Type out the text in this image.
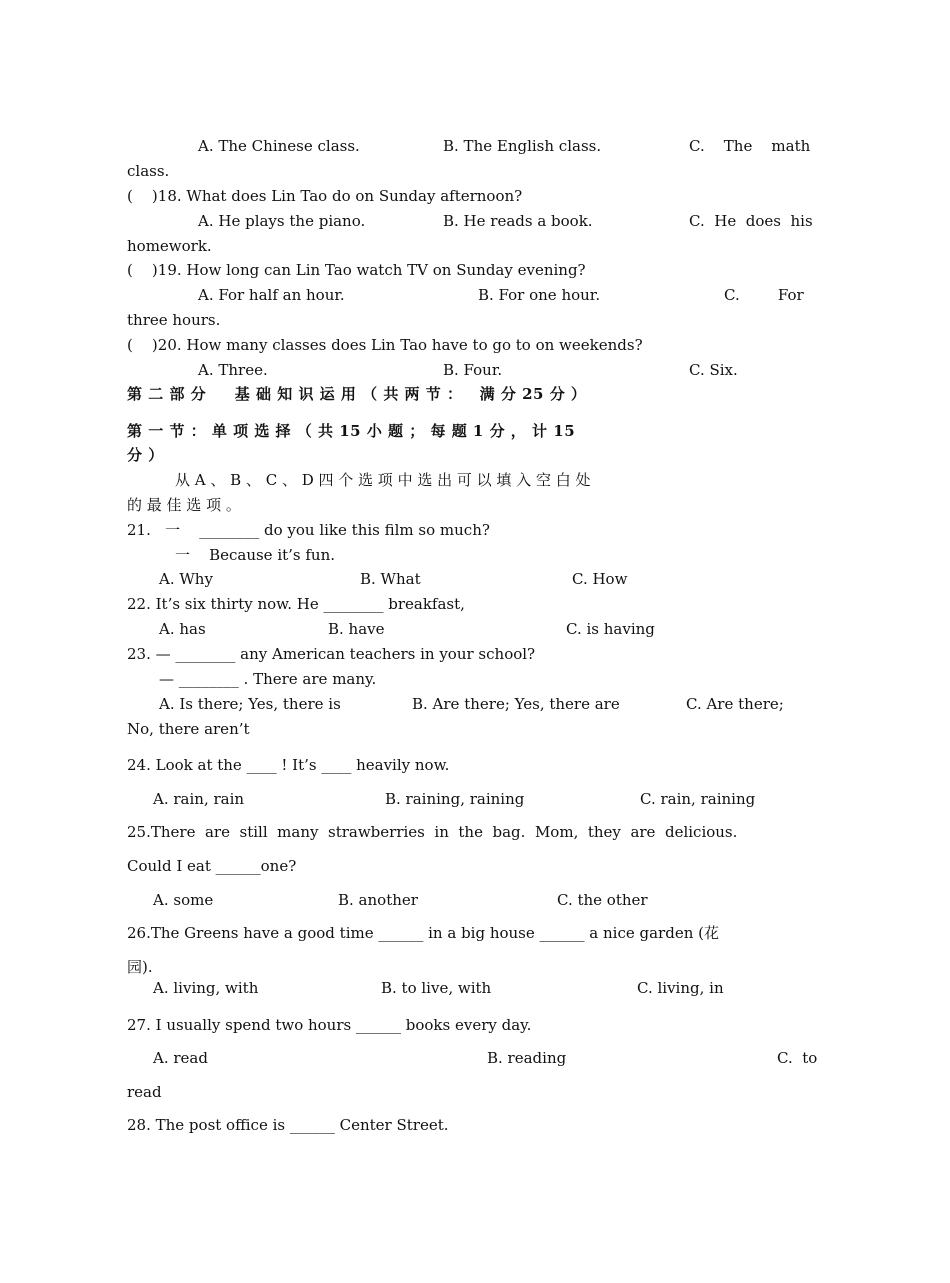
A. The Chinese class.	B. The English class.	C.    The    math
class.
(    )18. What does Lin Tao do on Sunday afternoon?
A. He plays the piano.	B. He reads a book.	C.  He  does  his
homework.
(    )19. How long can Lin Tao watch TV on Sunday evening?
A. For half an hour.	B. For one hour.	C.        For
three hours.
(    )20. How many classes does Lin Tao have to go to on weekends?
A. Three.	B. Four.	C. Six.
第 二 部 分     基 础 知 识 运 用 （ 共 两 节 ：   满 分 25 分 ）
第 一 节 ： 单 项 选 择 （ 共 15 小 题 ； 每 题 1 分 ， 计 15
分 ）
从 A 、 B 、 C 、 D 四 个 选 项 中 选 出 可 以 填 入 空 白 处
的 最 佳 选 项 。
21.   一    ________ do you like this film so much?
一    Because it’s fun.
A. Why	B. What	C. How
22. It’s six thirty now. He ________ breakfast,
A. has	B. have	C. is having
23. — ________ any American teachers in your school?
— ________ . There are many.
A. Is there; Yes, there is	B. Are there; Yes, there are	C. Are there;
No, there aren’t
24. Look at the ____ ! It’s ____ heavily now.
A. rain, rain	B. raining, raining	C. rain, raining
25.There  are  still  many  strawberries  in  the  bag.  Mom,  they  are  delicious.
Could I eat ______one?
A. some	B. another	C. the other
26.The Greens have a good time ______ in a big house ______ a nice garden (花
园).
A. living, with	B. to live, with	C. living, in
27. I usually spend two hours ______ books every day.
A. read	B. reading	C.  to
read
28. The post office is ______ Center Street.
